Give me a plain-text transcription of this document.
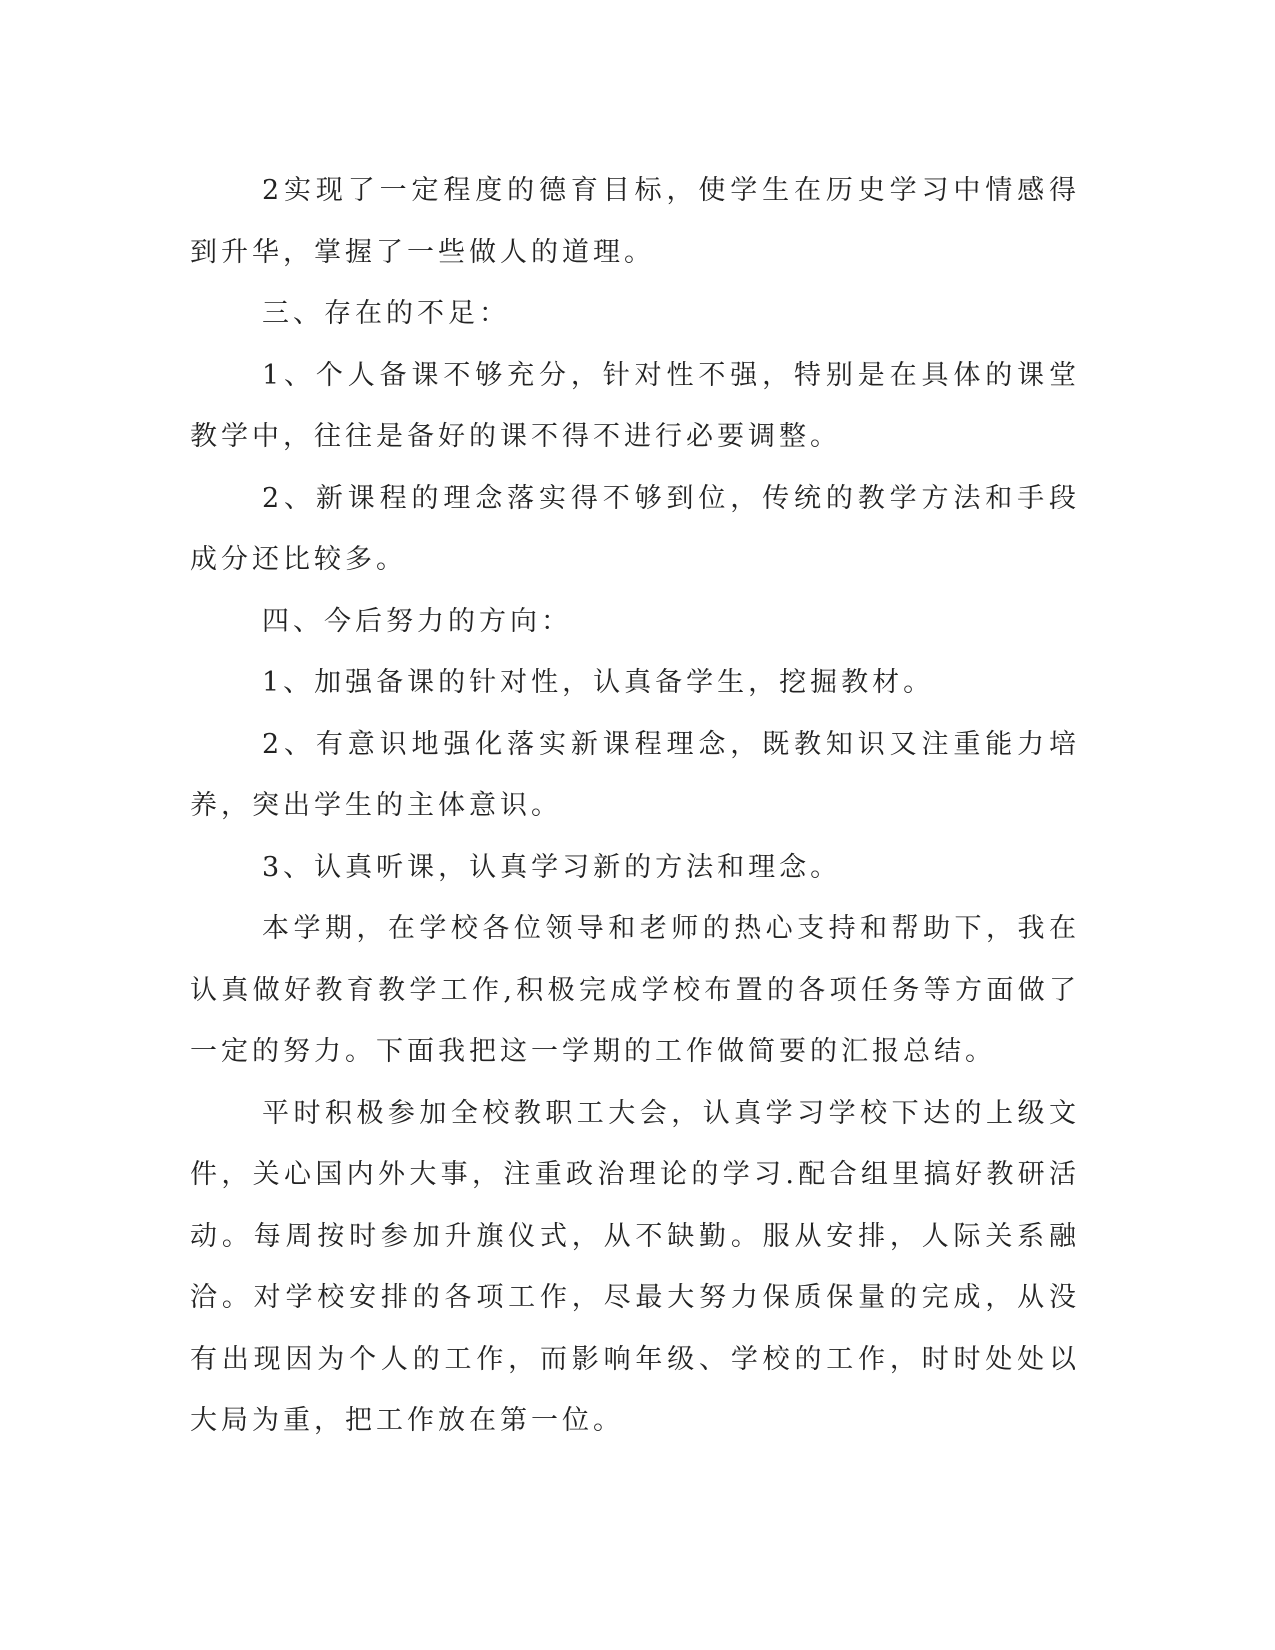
2实现了一定程度的德育目标，使学生在历史学习中情感得到升华，掌握了一些做人的道理。

三、存在的不足：

1、个人备课不够充分，针对性不强，特别是在具体的课堂教学中，往往是备好的课不得不进行必要调整。

2、新课程的理念落实得不够到位，传统的教学方法和手段成分还比较多。

四、今后努力的方向：

1、加强备课的针对性，认真备学生，挖掘教材。

2、有意识地强化落实新课程理念，既教知识又注重能力培养，突出学生的主体意识。

3、认真听课，认真学习新的方法和理念。

本学期，在学校各位领导和老师的热心支持和帮助下，我在认真做好教育教学工作,积极完成学校布置的各项任务等方面做了一定的努力。下面我把这一学期的工作做简要的汇报总结。

平时积极参加全校教职工大会，认真学习学校下达的上级文件，关心国内外大事，注重政治理论的学习.配合组里搞好教研活动。每周按时参加升旗仪式，从不缺勤。服从安排，人际关系融洽。对学校安排的各项工作，尽最大努力保质保量的完成，从没有出现因为个人的工作，而影响年级、学校的工作，时时处处以大局为重，把工作放在第一位。
